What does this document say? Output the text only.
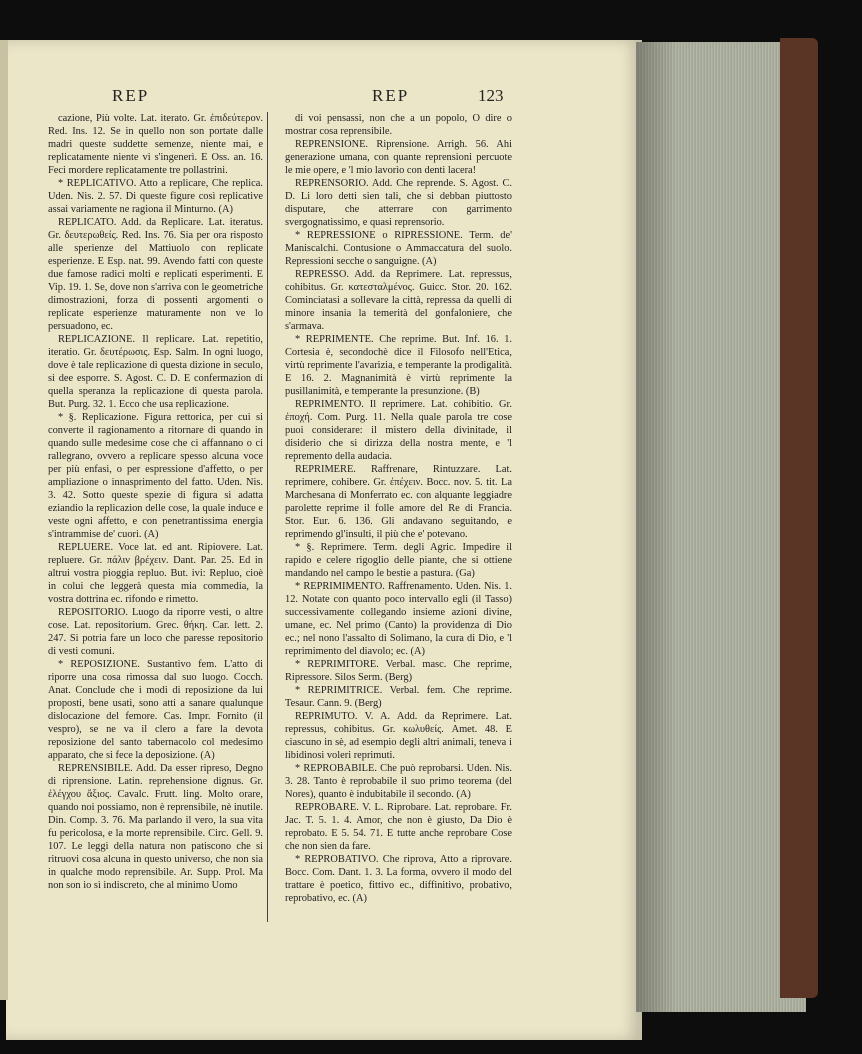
REP	REP	123

cazione, Più volte. Lat. iterato. Gr. ἐπιδεύτερον. Red. Ins. 12. Se in quello non son portate dalle madri queste suddette semenze, niente mai, e replicatamente niente vi s'ingenerì. E Oss. an. 16. Feci mordere replicatamente tre pollastrini.

* REPLICATIVO. Atto a replicare, Che replica. Uden. Nis. 2. 57. Di queste figure così replicative assai variamente ne ragiona il Minturno. (A)

REPLICATO. Add. da Replicare. Lat. iteratus. Gr. δευτερωθείς. Red. Ins. 76. Sia per ora risposto alle sperienze del Mattiuolo con replicate esperienze. E Esp. nat. 99. Avendo fatti con queste due famose radici molti e replicati esperimenti. E Vip. 19. 1. Se, dove non s'arriva con le geometriche dimostrazioni, forza di possenti argomenti o replicate esperienze maturamente non ve lo persuadono, ec.

REPLICAZIONE. Il replicare. Lat. repetitio, iteratio. Gr. δευτέρωσις. Esp. Salm. In ogni luogo, dove è tale replicazione di questa dizione in seculo, si dee esporre. S. Agost. C. D. E confermazion di quella speranza la replicazione di questa parola. But. Purg. 32. 1. Ecco che usa replicazione.

* §. Replicazione. Figura rettorica, per cui si converte il ragionamento a ritornare di quando in quando sulle medesime cose che ci affannano o ci rallegrano, ovvero a replicare spesso alcuna voce per più enfasi, o per espressione d'affetto, o per ampliazione o innasprimento del fatto. Uden. Nis. 3. 42. Sotto queste spezie di figura si adatta eziandio la replicazion delle cose, la quale induce e veste ogni affetto, e con penetrantissima energia s'intrammise de' cuori. (A)

REPLUERE. Voce lat. ed ant. Ripiovere. Lat. repluere. Gr. πάλιν βρέχειν. Dant. Par. 25. Ed in altrui vostra pioggia repluo. But. ivi: Repluo, cioè in colui che leggerà questa mia commedia, la vostra dottrina ec. rifondo e rimetto.

REPOSITORIO. Luogo da riporre vesti, o altre cose. Lat. repositorium. Grec. θήκη. Car. lett. 2. 247. Si potria fare un loco che paresse repositorio di vesti comuni.

* REPOSIZIONE. Sustantivo fem. L'atto di riporre una cosa rimossa dal suo luogo. Cocch. Anat. Conclude che i modi di reposizione da lui proposti, bene usati, sono atti a sanare qualunque dislocazione del femore. Cas. Impr. Fornito (il vespro), se ne va il clero a fare la devota reposizione del santo tabernacolo col medesimo apparato, che si fece la deposizione. (A)

REPRENSIBILE. Add. Da esser ripreso, Degno di riprensione. Latin. reprehensione dignus. Gr. ἐλέγχου ἄξιος. Cavalc. Frutt. ling. Molto orare, quando noi possiamo, non è reprensibile, nè inutile. Din. Comp. 3. 76. Ma parlando il vero, la sua vita fu pericolosa, e la morte reprensibile. Circ. Gell. 9. 107. Le leggi della natura non patiscono che si ritruovi cosa alcuna in questo universo, che non sia in qualche modo reprensibile. Ar. Supp. Prol. Ma non son io sì indiscreto, che al minimo Uomo

di voi pensassi, non che a un popolo, O dire o mostrar cosa reprensibile.

REPRENSIONE. Riprensione. Arrigh. 56. Ahi generazione umana, con quante reprensioni percuote le mie opere, e 'l mio lavorìo con denti lacera!

REPRENSORIO. Add. Che reprende. S. Agost. C. D. Li loro detti sien tali, che si debban piuttosto disputare, che atterrare con garrimento svergognatissimo, e quasi reprensorio.

* REPRESSIONE o RIPRESSIONE. Term. de' Maniscalchi. Contusione o Ammaccatura del suolo. Repressioni secche o sanguigne. (A)

REPRESSO. Add. da Reprimere. Lat. repressus, cohibitus. Gr. κατεσταλμένος. Guicc. Stor. 20. 162. Cominciatasi a sollevare la città, repressa da quelli di minore insania la temerità del gonfaloniere, che s'armava.

* REPRIMENTE. Che reprime. But. Inf. 16. 1. Cortesia è, secondochè dice il Filosofo nell'Etica, virtù reprimente l'avarizia, e temperante la prodigalità. E 16. 2. Magnanimità è virtù reprimente la pusillanimità, e temperante la presunzione. (B)

REPRIMENTO. Il reprimere. Lat. cohibitio. Gr. ἐποχή. Com. Purg. 11. Nella quale parola tre cose puoi considerare: il mistero della divinitade, il disiderio che si dirizza della nostra mente, e 'l repremento della audacia.

REPRIMERE. Raffrenare, Rintuzzare. Lat. reprimere, cohibere. Gr. ἐπέχειν. Bocc. nov. 5. tit. La Marchesana di Monferrato ec. con alquante leggiadre parolette reprime il folle amore del Re di Francia. Stor. Eur. 6. 136. Gli andavano seguitando, e reprimendo gl'insulti, il più che e' potevano.

* §. Reprimere. Term. degli Agric. Impedire il rapido e celere rigoglio delle piante, che si ottiene mandando nel campo le bestie a pastura. (Ga)

* REPRIMIMENTO. Raffrenamento. Uden. Nis. 1. 12. Notate con quanto poco intervallo egli (il Tasso) successivamente collegando insieme azioni divine, umane, ec. Nel primo (Canto) la providenza di Dio ec.; nel nono l'assalto di Solimano, la cura di Dio, e 'l reprimimento del diavolo; ec. (A)

* REPRIMITORE. Verbal. masc. Che reprime, Ripressore. Silos Serm. (Berg)

* REPRIMITRICE. Verbal. fem. Che reprime. Tesaur. Cann. 9. (Berg)

REPRIMUTO. V. A. Add. da Reprimere. Lat. repressus, cohibitus. Gr. κωλυθείς. Amet. 48. E ciascuno in sè, ad esempio degli altri animali, teneva i libidinosi voleri reprimuti.

* REPROBABILE. Che può reprobarsi. Uden. Nis. 3. 28. Tanto è reprobabile il suo primo teorema (del Nores), quanto è indubitabile il secondo. (A)

REPROBARE. V. L. Riprobare. Lat. reprobare. Fr. Jac. T. 5. 1. 4. Amor, che non è giusto, Da Dio è reprobato. E 5. 54. 71. E tutte anche reprobare Cose che non sien da fare.

* REPROBATIVO. Che riprova, Atto a riprovare. Bocc. Com. Dant. 1. 3. La forma, ovvero il modo del trattare è poetico, fittivo ec., diffinitivo, probativo, reprobativo, ec. (A)
